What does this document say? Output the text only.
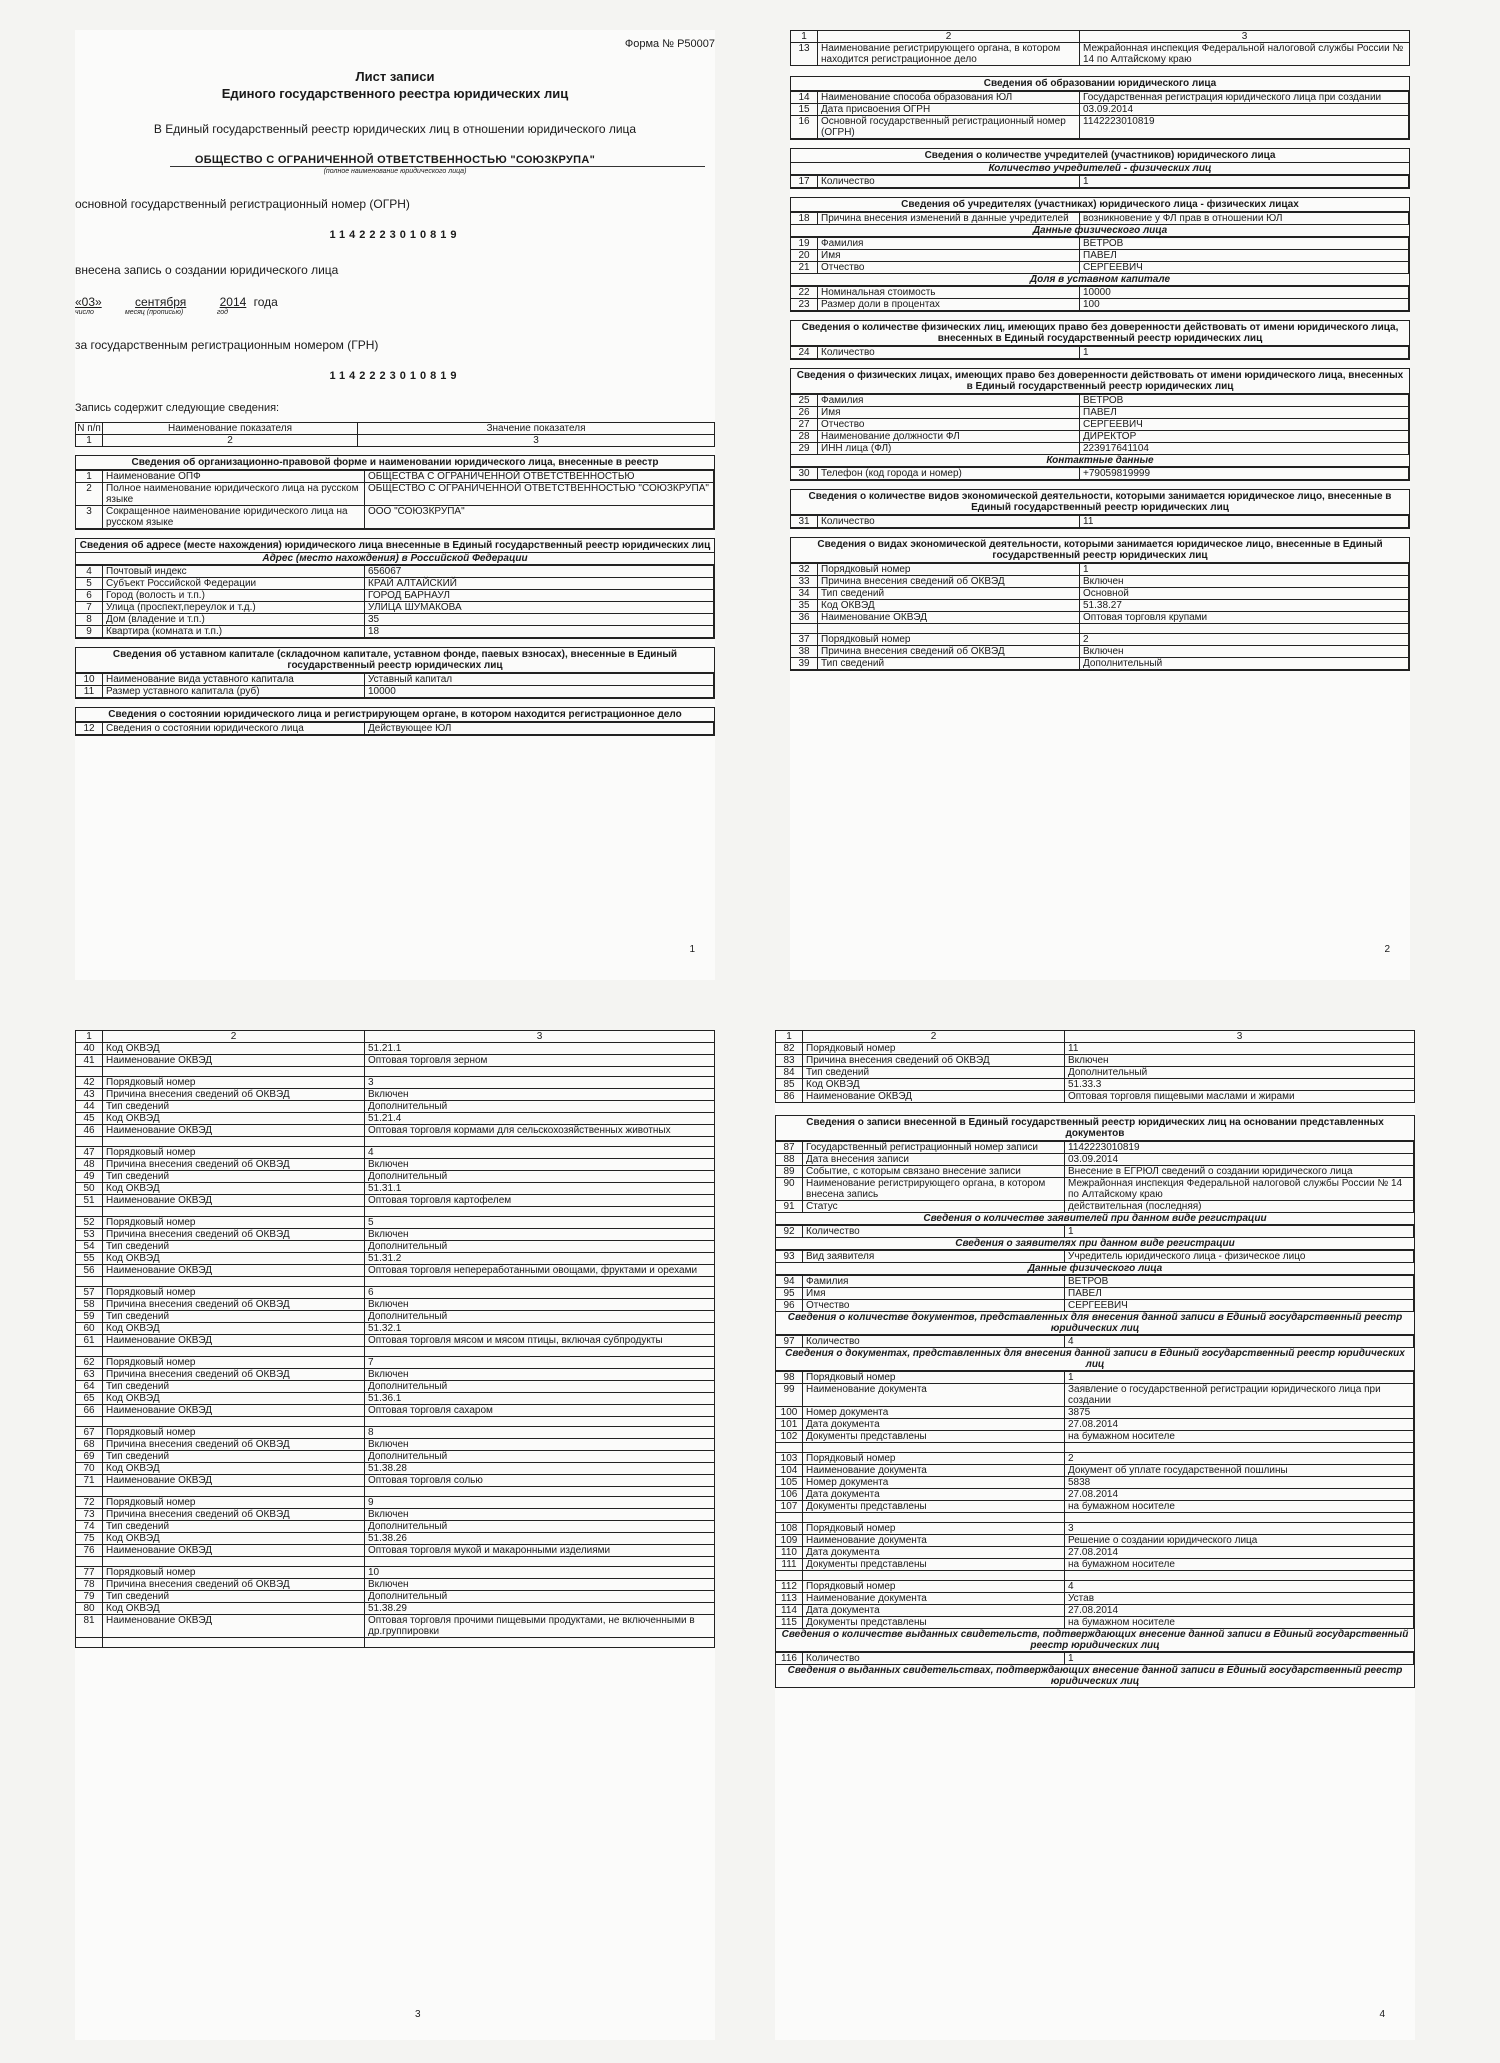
Форма № Р50007
Лист записи
Единого государственного реестра юридических лиц
В Единый государственный реестр юридических лиц в отношении юридического лица
ОБЩЕСТВО С ОГРАНИЧЕННОЙ ОТВЕТСТВЕННОСТЬЮ "СОЮЗКРУПА"
(полное наименование юридического лица)
основной государственный регистрационный номер (ОГРН)
1142223010819
внесена запись о создании юридического лица
«03»	сентября	2014 года
число	месяц (прописью)	год
за государственным регистрационным номером (ГРН)
1142223010819
Запись содержит следующие сведения:
N п/п	Наименование показателя	Значение показателя
1	2	3
Сведения об организационно-правовой форме и наименовании юридического лица, внесенные в реестр
1	Наименование ОПФ	ОБЩЕСТВА С ОГРАНИЧЕННОЙ ОТВЕТСТВЕННОСТЬЮ
2	Полное наименование юридического лица на русском языке	ОБЩЕСТВО С ОГРАНИЧЕННОЙ ОТВЕТСТВЕННОСТЬЮ "СОЮЗКРУПА"
3	Сокращенное наименование юридического лица на русском языке	ООО "СОЮЗКРУПА"
Сведения об адресе (месте нахождения) юридического лица внесенные в Единый государственный реестр юридических лиц
Адрес (место нахождения) в Российской Федерации
4	Почтовый индекс	656067
5	Субъект Российской Федерации	КРАЙ АЛТАЙСКИЙ
6	Город (волость и т.п.)	ГОРОД БАРНАУЛ
7	Улица (проспект,переулок и т.д.)	УЛИЦА ШУМАКОВА
8	Дом (владение и т.п.)	35
9	Квартира (комната и т.п.)	18
Сведения об уставном капитале (складочном капитале, уставном фонде, паевых взносах), внесенные в Единый государственный реестр юридических лиц
10	Наименование вида уставного капитала	Уставный капитал
11	Размер уставного капитала (руб)	10000
Сведения о состоянии юридического лица и регистрирующем органе, в котором находится регистрационное дело
12	Сведения о состоянии юридического лица	Действующее ЮЛ
1
1	2	3
13	Наименование регистрирующего органа, в котором находится регистрационное дело	Межрайонная инспекция Федеральной налоговой службы России № 14 по Алтайскому краю
Сведения об образовании юридического лица
14	Наименование способа образования ЮЛ	Государственная регистрация юридического лица при создании
15	Дата присвоения ОГРН	03.09.2014
16	Основной государственный регистрационный номер (ОГРН)	1142223010819
Сведения о количестве учредителей (участников) юридического лица
Количество учредителей - физических лиц
17	Количество	1
Сведения об учредителях (участниках) юридического лица - физических лицах
18	Причина внесения изменений в данные учредителей	возникновение у ФЛ прав в отношении ЮЛ
Данные физического лица
19	Фамилия	ВЕТРОВ
20	Имя	ПАВЕЛ
21	Отчество	СЕРГЕЕВИЧ
Доля в уставном капитале
22	Номинальная стоимость	10000
23	Размер доли в процентах	100
Сведения о количестве физических лиц, имеющих право без доверенности действовать от имени юридического лица, внесенных в Единый государственный реестр юридических лиц
24	Количество	1
Сведения о физических лицах, имеющих право без доверенности действовать от имени юридического лица, внесенных в Единый государственный реестр юридических лиц
25	Фамилия	ВЕТРОВ
26	Имя	ПАВЕЛ
27	Отчество	СЕРГЕЕВИЧ
28	Наименование должности ФЛ	ДИРЕКТОР
29	ИНН лица (ФЛ)	223917641104
Контактные данные
30	Телефон (код города и номер)	+79059819999
Сведения о количестве видов экономической деятельности, которыми занимается юридическое лицо, внесенные в Единый государственный реестр юридических лиц
31	Количество	11
Сведения о видах экономической деятельности, которыми занимается юридическое лицо, внесенные в Единый государственный реестр юридических лиц
32	Порядковый номер	1
33	Причина внесения сведений об ОКВЭД	Включен
34	Тип сведений	Основной
35	Код ОКВЭД	51.38.27
36	Наименование ОКВЭД	Оптовая торговля крупами

37	Порядковый номер	2
38	Причина внесения сведений об ОКВЭД	Включен
39	Тип сведений	Дополнительный
2
1	2	3
40	Код ОКВЭД	51.21.1
41	Наименование ОКВЭД	Оптовая торговля зерном

42	Порядковый номер	3
43	Причина внесения сведений об ОКВЭД	Включен
44	Тип сведений	Дополнительный
45	Код ОКВЭД	51.21.4
46	Наименование ОКВЭД	Оптовая торговля кормами для сельскохозяйственных животных

47	Порядковый номер	4
48	Причина внесения сведений об ОКВЭД	Включен
49	Тип сведений	Дополнительный
50	Код ОКВЭД	51.31.1
51	Наименование ОКВЭД	Оптовая торговля картофелем

52	Порядковый номер	5
53	Причина внесения сведений об ОКВЭД	Включен
54	Тип сведений	Дополнительный
55	Код ОКВЭД	51.31.2
56	Наименование ОКВЭД	Оптовая торговля непереработанными овощами, фруктами и орехами

57	Порядковый номер	6
58	Причина внесения сведений об ОКВЭД	Включен
59	Тип сведений	Дополнительный
60	Код ОКВЭД	51.32.1
61	Наименование ОКВЭД	Оптовая торговля мясом и мясом птицы, включая субпродукты

62	Порядковый номер	7
63	Причина внесения сведений об ОКВЭД	Включен
64	Тип сведений	Дополнительный
65	Код ОКВЭД	51.36.1
66	Наименование ОКВЭД	Оптовая торговля сахаром

67	Порядковый номер	8
68	Причина внесения сведений об ОКВЭД	Включен
69	Тип сведений	Дополнительный
70	Код ОКВЭД	51.38.28
71	Наименование ОКВЭД	Оптовая торговля солью

72	Порядковый номер	9
73	Причина внесения сведений об ОКВЭД	Включен
74	Тип сведений	Дополнительный
75	Код ОКВЭД	51.38.26
76	Наименование ОКВЭД	Оптовая торговля мукой и макаронными изделиями

77	Порядковый номер	10
78	Причина внесения сведений об ОКВЭД	Включен
79	Тип сведений	Дополнительный
80	Код ОКВЭД	51.38.29
81	Наименование ОКВЭД	Оптовая торговля прочими пищевыми продуктами, не включенными в др.группировки

3
1	2	3
82	Порядковый номер	11
83	Причина внесения сведений об ОКВЭД	Включен
84	Тип сведений	Дополнительный
85	Код ОКВЭД	51.33.3
86	Наименование ОКВЭД	Оптовая торговля пищевыми маслами и жирами
Сведения о записи внесенной в Единый государственный реестр юридических лиц на основании представленных документов
87	Государственный регистрационный номер записи	1142223010819
88	Дата внесения записи	03.09.2014
89	Событие, с которым связано внесение записи	Внесение в ЕГРЮЛ сведений о создании юридического лица
90	Наименование регистрирующего органа, в котором внесена запись	Межрайонная инспекция Федеральной налоговой службы России № 14 по Алтайскому краю
91	Статус	действительная (последняя)
Сведения о количестве заявителей при данном виде регистрации
92	Количество	1
Сведения о заявителях при данном виде регистрации
93	Вид заявителя	Учредитель юридического лица - физическое лицо
Данные физического лица
94	Фамилия	ВЕТРОВ
95	Имя	ПАВЕЛ
96	Отчество	СЕРГЕЕВИЧ
Сведения о количестве документов, представленных для внесения данной записи в Единый государственный реестр юридических лиц
97	Количество	4
Сведения о документах, представленных для внесения данной записи в Единый государственный реестр юридических лиц
98	Порядковый номер	1
99	Наименование документа	Заявление о государственной регистрации юридического лица при создании
100	Номер документа	3875
101	Дата документа	27.08.2014
102	Документы представлены	на бумажном носителе

103	Порядковый номер	2
104	Наименование документа	Документ об уплате государственной пошлины
105	Номер документа	5838
106	Дата документа	27.08.2014
107	Документы представлены	на бумажном носителе

108	Порядковый номер	3
109	Наименование документа	Решение о создании юридического лица
110	Дата документа	27.08.2014
111	Документы представлены	на бумажном носителе

112	Порядковый номер	4
113	Наименование документа	Устав
114	Дата документа	27.08.2014
115	Документы представлены	на бумажном носителе
Сведения о количестве выданных свидетельств, подтверждающих внесение данной записи в Единый государственный реестр юридических лиц
116	Количество	1
Сведения о выданных свидетельствах, подтверждающих внесение данной записи в Единый государственный реестр юридических лиц
4
